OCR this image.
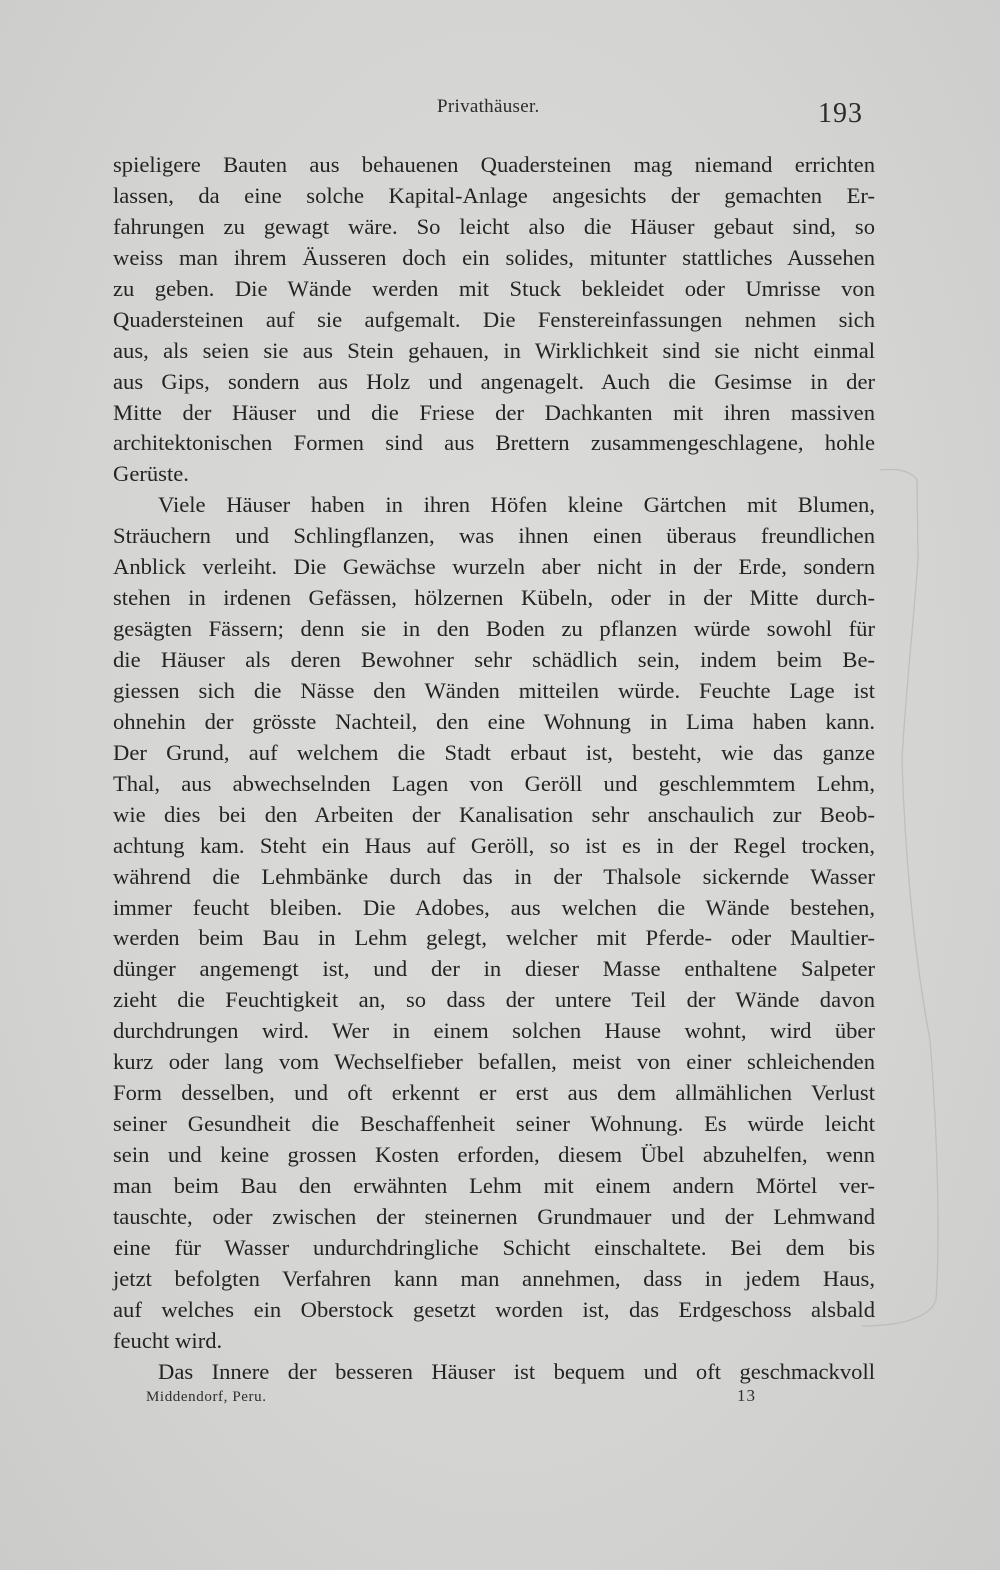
Privathäuser.	193
spieligere Bauten aus behauenen Quadersteinen mag niemand errichten
lassen, da eine solche Kapital-Anlage angesichts der gemachten Er-
fahrungen zu gewagt wäre. So leicht also die Häuser gebaut sind, so
weiss man ihrem Äusseren doch ein solides, mitunter stattliches Aussehen
zu geben. Die Wände werden mit Stuck bekleidet oder Umrisse von
Quadersteinen auf sie aufgemalt. Die Fenstereinfassungen nehmen sich
aus, als seien sie aus Stein gehauen, in Wirklichkeit sind sie nicht einmal
aus Gips, sondern aus Holz und angenagelt. Auch die Gesimse in der
Mitte der Häuser und die Friese der Dachkanten mit ihren massiven
architektonischen Formen sind aus Brettern zusammengeschlagene, hohle
Gerüste.
Viele Häuser haben in ihren Höfen kleine Gärtchen mit Blumen,
Sträuchern und Schlingflanzen, was ihnen einen überaus freundlichen
Anblick verleiht. Die Gewächse wurzeln aber nicht in der Erde, sondern
stehen in irdenen Gefässen, hölzernen Kübeln, oder in der Mitte durch-
gesägten Fässern; denn sie in den Boden zu pflanzen würde sowohl für
die Häuser als deren Bewohner sehr schädlich sein, indem beim Be-
giessen sich die Nässe den Wänden mitteilen würde. Feuchte Lage ist
ohnehin der grösste Nachteil, den eine Wohnung in Lima haben kann.
Der Grund, auf welchem die Stadt erbaut ist, besteht, wie das ganze
Thal, aus abwechselnden Lagen von Geröll und geschlemmtem Lehm,
wie dies bei den Arbeiten der Kanalisation sehr anschaulich zur Beob-
achtung kam. Steht ein Haus auf Geröll, so ist es in der Regel trocken,
während die Lehmbänke durch das in der Thalsole sickernde Wasser
immer feucht bleiben. Die Adobes, aus welchen die Wände bestehen,
werden beim Bau in Lehm gelegt, welcher mit Pferde- oder Maultier-
dünger angemengt ist, und der in dieser Masse enthaltene Salpeter
zieht die Feuchtigkeit an, so dass der untere Teil der Wände davon
durchdrungen wird. Wer in einem solchen Hause wohnt, wird über
kurz oder lang vom Wechselfieber befallen, meist von einer schleichenden
Form desselben, und oft erkennt er erst aus dem allmählichen Verlust
seiner Gesundheit die Beschaffenheit seiner Wohnung. Es würde leicht
sein und keine grossen Kosten erforden, diesem Übel abzuhelfen, wenn
man beim Bau den erwähnten Lehm mit einem andern Mörtel ver-
tauschte, oder zwischen der steinernen Grundmauer und der Lehmwand
eine für Wasser undurchdringliche Schicht einschaltete. Bei dem bis
jetzt befolgten Verfahren kann man annehmen, dass in jedem Haus,
auf welches ein Oberstock gesetzt worden ist, das Erdgeschoss alsbald
feucht wird.
Das Innere der besseren Häuser ist bequem und oft geschmackvoll
Middendorf, Peru.	13
